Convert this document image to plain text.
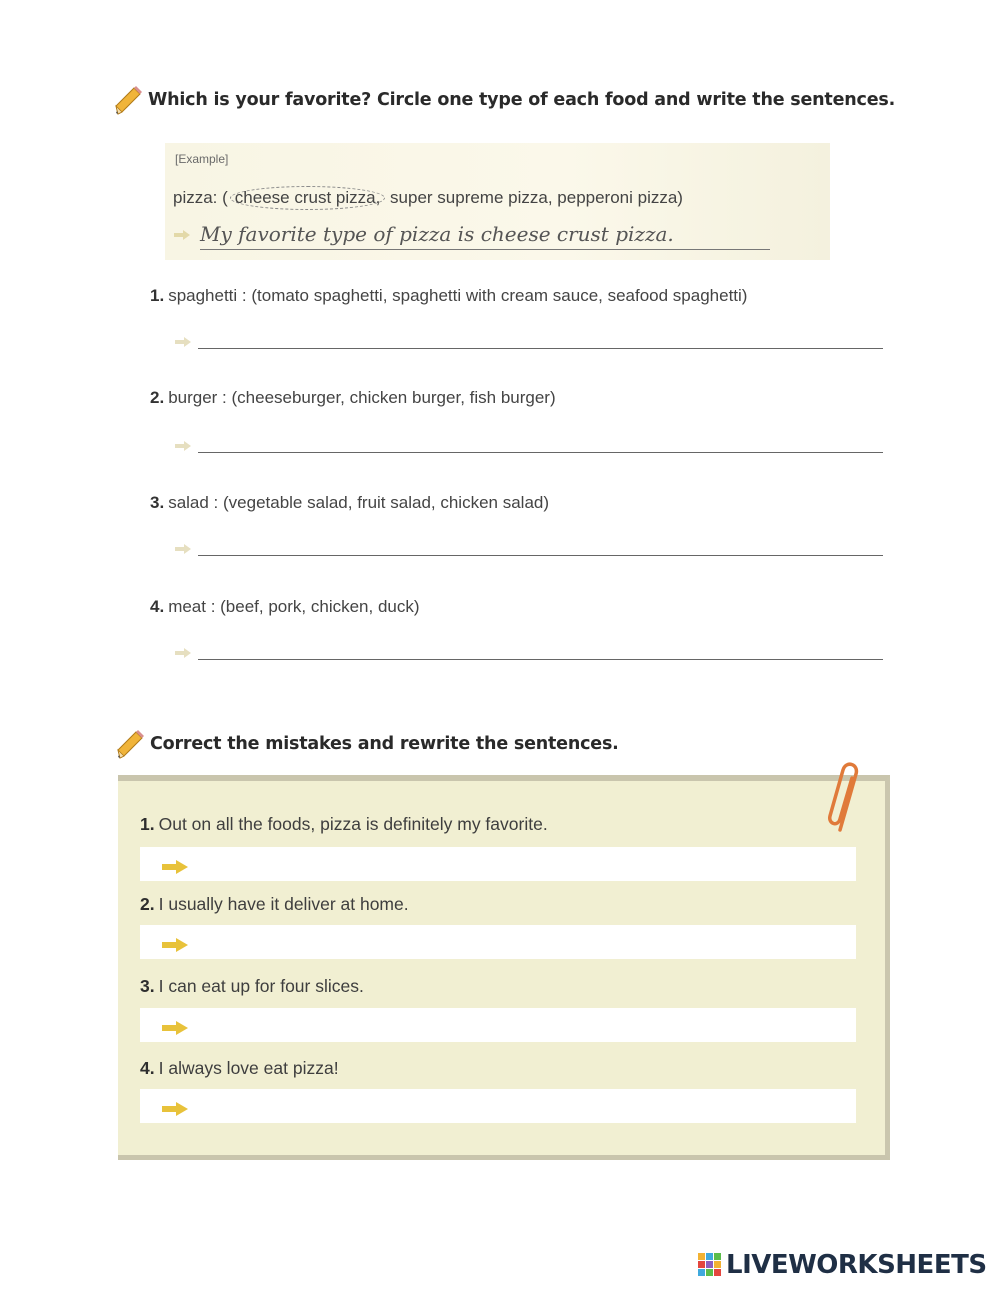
Which is your favorite? Circle one type of each food and write the sentences.
[Example]
pizza: ( cheese crust pizza, super supreme pizza, pepperoni pizza)
My favorite type of pizza is cheese crust pizza.
1. spaghetti : (tomato spaghetti, spaghetti with cream sauce, seafood spaghetti)
2. burger : (cheeseburger, chicken burger, fish burger)
3. salad : (vegetable salad, fruit salad, chicken salad)
4. meat : (beef, pork, chicken, duck)
Correct the mistakes and rewrite the sentences.
1. Out on all the foods, pizza is definitely my favorite.
2. I usually have it deliver at home.
3. I can eat up for four slices.
4. I always love eat pizza!
LIVEWORKSHEETS
